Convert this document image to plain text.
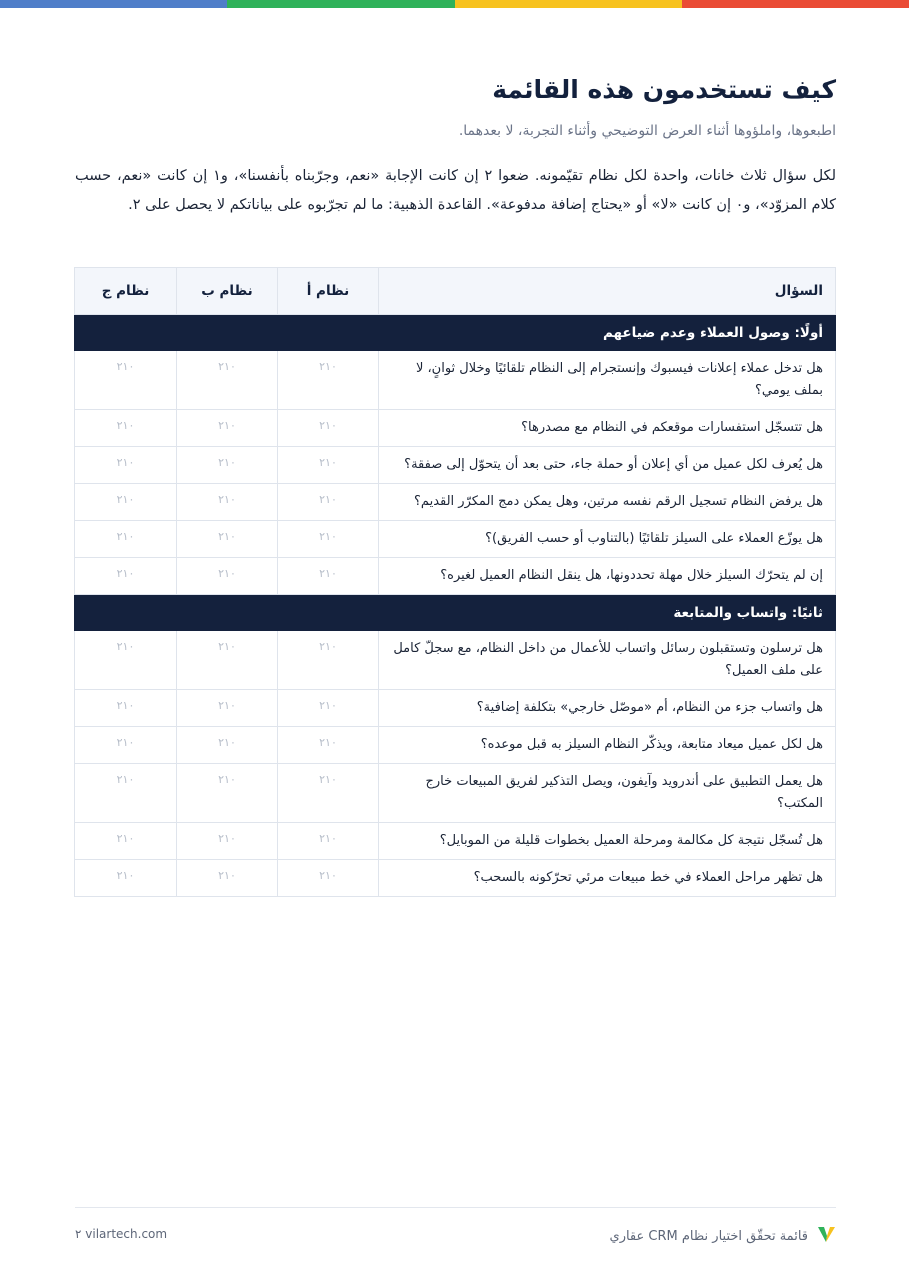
كيف تستخدمون هذه القائمة
اطبعوها، واملؤوها أثناء العرض التوضيحي وأثناء التجربة، لا بعدهما.
لكل سؤال ثلاث خانات، واحدة لكل نظام تقيّمونه. ضعوا ٢ إن كانت الإجابة «نعم، وجرّبناه بأنفسنا»، و١ إن كانت «نعم، حسب كلام المزوّد»، و٠ إن كانت «لا» أو «يحتاج إضافة مدفوعة». القاعدة الذهبية: ما لم تجرّبوه على بياناتكم لا يحصل على ٢.
السؤال	نظام أ	نظام ب	نظام ج
أولًا: وصول العملاء وعدم ضياعهم			
هل تدخل عملاء إعلانات فيسبوك وإنستجرام إلى النظام تلقائيًا وخلال ثوانٍ، لا بملف يومي؟	٢١٠	٢١٠	٢١٠
هل تتسجّل استفسارات موقعكم في النظام مع مصدرها؟	٢١٠	٢١٠	٢١٠
هل يُعرف لكل عميل من أي إعلان أو حملة جاء، حتى بعد أن يتحوّل إلى صفقة؟	٢١٠	٢١٠	٢١٠
هل يرفض النظام تسجيل الرقم نفسه مرتين، وهل يمكن دمج المكرّر القديم؟	٢١٠	٢١٠	٢١٠
هل يوزّع العملاء على السيلز تلقائيًا (بالتناوب أو حسب الفريق)؟	٢١٠	٢١٠	٢١٠
إن لم يتحرّك السيلز خلال مهلة تحددونها، هل ينقل النظام العميل لغيره؟	٢١٠	٢١٠	٢١٠
ثانيًا: واتساب والمتابعة			
هل ترسلون وتستقبلون رسائل واتساب للأعمال من داخل النظام، مع سجلّ كامل على ملف العميل؟	٢١٠	٢١٠	٢١٠
هل واتساب جزء من النظام، أم «موصّل خارجي» بتكلفة إضافية؟	٢١٠	٢١٠	٢١٠
هل لكل عميل ميعاد متابعة، ويذكّر النظام السيلز به قبل موعده؟	٢١٠	٢١٠	٢١٠
هل يعمل التطبيق على أندرويد وآيفون، ويصل التذكير لفريق المبيعات خارج المكتب؟	٢١٠	٢١٠	٢١٠
هل تُسجّل نتيجة كل مكالمة ومرحلة العميل بخطوات قليلة من الموبايل؟	٢١٠	٢١٠	٢١٠
هل تظهر مراحل العملاء في خط مبيعات مرئي تحرّكونه بالسحب؟	٢١٠	٢١٠	٢١٠
قائمة تحقّق اختيار نظام CRM عقاري
٢ vilartech.com
